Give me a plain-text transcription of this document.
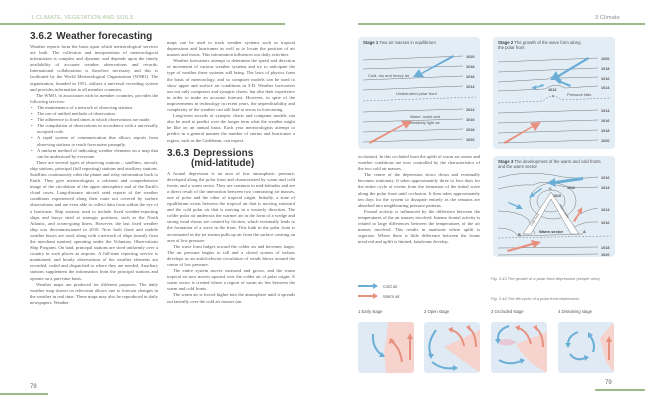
1 CLIMATE, VEGETATION AND SOILS
3.6.2 Weather forecasting

Weather reports form the basis upon which meteorological services are built. The collection and interpretation of meteorological information is complex and dynamic and depends upon the timely availability of accurate weather observations and records. International collaboration is therefore necessary and this is facilitated by the World Meteorological Organization (WMO). The organization, founded in 1951, utilizes a universal recording system and provides information to all member countries.

The WMO, in association with its member countries, provides the following services:

• The maintenance of a network of observing stations.
• The use of unified methods of observation.
• The adherence to fixed times at which observations are made.
• The compilation of observations in accordance with a universally accepted code.
• A rapid system of communication that allows reports from observing stations to reach forecasters promptly.
• A uniform method of indicating weather elements on a map that can be understood by everyone.

There are several types of observing stations – satellites, aircraft, ship stations, principal (full reporting) stations and auxiliary stations. Satellites continuously orbit the planet and relay information back to Earth. They give meteorologists a coherent and comprehensive image of the circulation of the upper atmosphere and of the Earth's cloud cover. Long-distance aircraft send reports of the weather conditions experienced along their route not covered by surface observations and are even able to collect data from within the eye of a hurricane. Ship stations used to include fixed weather-reporting ships and buoys sited at strategic positions, such as the North Atlantic, and ocean-going liners. However, the last fixed weather ship was decommissioned in 2010. Now both fixed and mobile weather buoys are used, along with a network of ships (mostly from the merchant marine) operating under the Voluntary Observations Ship Program. On land, principal stations are sited uniformly over a country in such places as airports. A full-time reporting service is maintained, and hourly observations of the weather elements are recorded, coded and dispatched to where they are needed. Auxiliary stations supplement the information from the principal stations and operate on a part-time basis.

Weather maps are produced for different purposes. The daily weather map shown on television allows one to forecast changes in the weather in real time. These maps may also be reproduced in daily newspapers. Weather

maps can be used to track weather systems such as tropical depressions and hurricanes as well as to locate the position of air masses and fronts. This information influences our daily activities.

Weather forecasters attempt to determine the speed and direction of movement of various weather systems and try to anticipate the type of weather these systems will bring. The laws of physics form the basis of meteorology, and so computer models can be used to show upper and surface air conditions in 3-D. Weather forecasters use not only computers and synoptic charts, but also their experience in order to make an accurate forecast. However, in spite of the improvements in technology in recent years, the unpredictability and complexity of the weather can still lead to errors in forecasting.

Long-term records of synoptic charts and computer models can also be used to predict over the longer term what the weather might be like on an annual basis. Each year meteorologists attempt to predict in a general manner the number of storms and hurricanes a region, such as the Caribbean, can expect.

3.6.3 Depressions
(mid-latitude)

A frontal depression is an area of low atmospheric pressure, developed along the polar front and characterized by warm and cold fronts, and a warm sector. They are common in mid-latitudes and are a direct result of the interaction between two contrasting air masses, one of polar and the other of tropical origin. Initially, a state of equilibrium exists between the tropical air that is moving eastward and the cold polar air that is moving in a westerly direction. The colder polar air undercuts the warmer air in the form of a wedge and strong wind shears are created by friction, which eventually leads to the formation of a wave in the front. This kink in the polar front is accentuated as the jet stream pulls up air from the surface creating an area of low pressure.

The wave form bulges toward the colder air and becomes larger. The air pressure begins to fall and a closed system of isobars develops as an anticlockwise circulation of winds blows around the centre of low pressure.

The entire system moves eastward and grows, and the warm tropical air now moves upward over the colder air of polar origin. A warm sector is created where a region of warm air lies between the warm and cold fronts.

The warm air is forced higher into the atmosphere until it spreads out laterally over the cold air masses (an

78
3 Climate
Stage 1 Two air masses in equilibrium
Cold, dry and heavy air
Undisturbed polar front
Warm, moist and
relatively light air
1020
1018
1016
1014
1014
1016
1018
1020
Stage 2 The growth of the wave form along
the polar front
1012
Pressure falls
1020
1018
1016
1014
1014
1016
1018
1020
Stage 3 The development of the warm and cold fronts
and the warm sector
C
1010
1012
Cold front
Warm front
Warm sector
B
A
1016
1014
1014
1016
1018
1020

occlusion). In this occluded front the uplift of warm air ceases and weather conditions are now controlled by the characteristics of the two cold air masses.

The centre of the depression slows down and eventually becomes stationary. It takes approximately three to four days for the entire cycle of events from the formation of the initial wave along the polar front until occlusion. It then takes approximately ten days for the system to dissipate entirely as the remains are absorbed into neighbouring pressure patterns.

Frontal activity is influenced by the difference between the temperatures of the air masses involved. Intense frontal activity is related to large differences between the temperatures of the air masses involved. This results in anafronts where uplift is vigorous. Where there is little difference between the fronts involved and uplift is limited, katafronts develop.

Fig. 3.43 The growth of a polar front depression (simple view)
Fig. 3.44 The life-cycle of a polar front depression.
Cold air
Warm air
1 Early stage	2 Open stage	3 Occluded stage	4 Dissolving stage
79
